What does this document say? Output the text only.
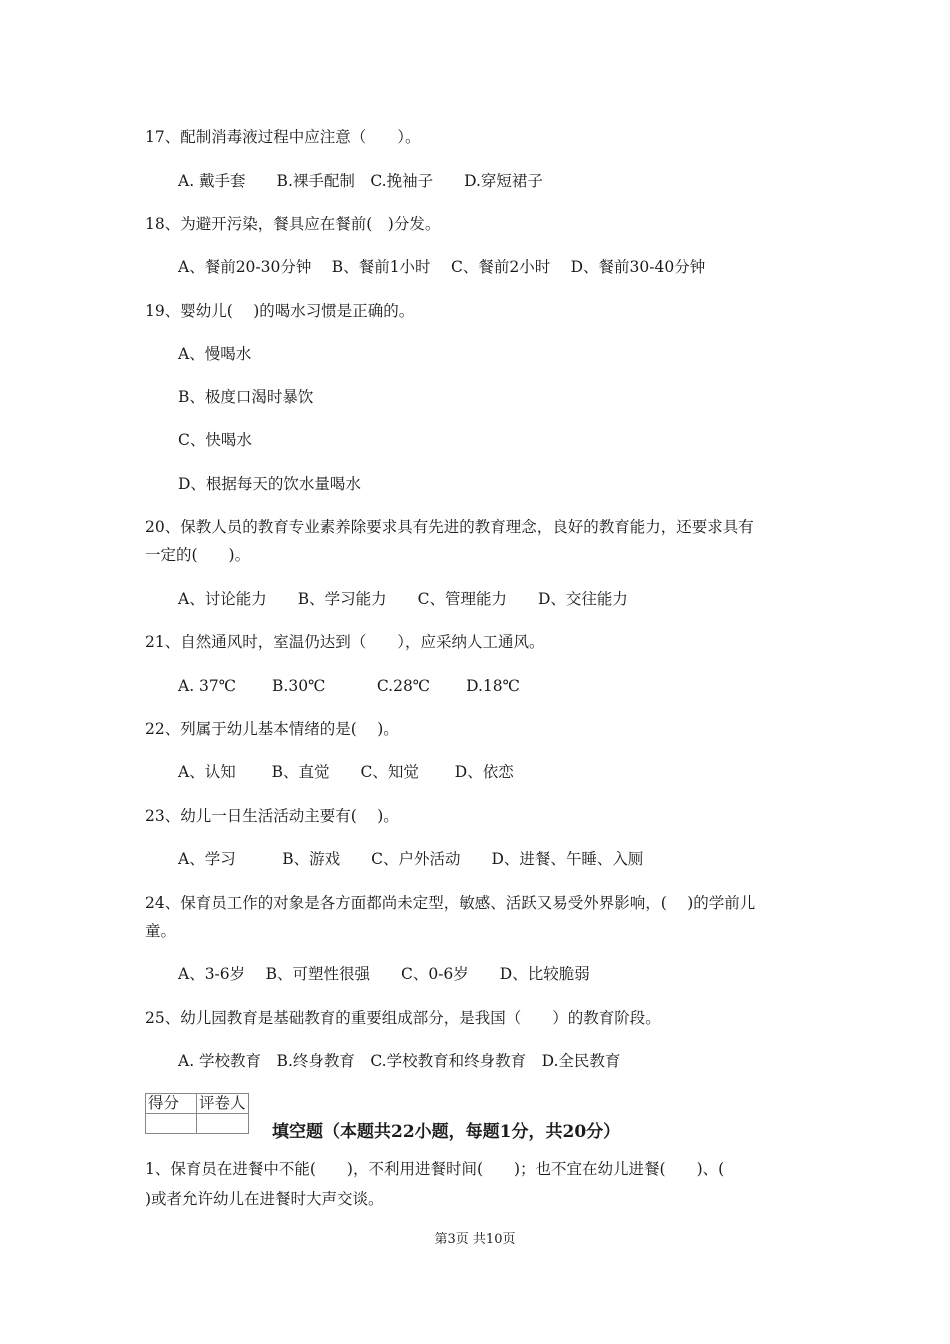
17、配制消毒液过程中应注意（　　）。
A. 戴手套　　B.裸手配制　C.挽袖子　　D.穿短裙子
18、为避开污染，餐具应在餐前(　)分发。
A、餐前20-30分钟　 B、餐前1小时　 C、餐前2小时　 D、餐前30-40分钟
19、婴幼儿(　 )的喝水习惯是正确的。
A、慢喝水
B、极度口渴时暴饮
C、快喝水
D、根据每天的饮水量喝水
20、保教人员的教育专业素养除要求具有先进的教育理念，良好的教育能力，还要求具有
一定的(　　)。
A、讨论能力　　B、学习能力　　C、管理能力　　D、交往能力
21、自然通风时，室温仍达到（　　），应采纳人工通风。
A. 37℃　　 B.30℃　　　 C.28℃　　 D.18℃
22、列属于幼儿基本情绪的是(　 )。
A、认知　　 B、直觉　　C、知觉　　 D、依恋
23、幼儿一日生活活动主要有(　 )。
A、学习　　　B、游戏　　C、户外活动　　D、进餐、午睡、入厕
24、保育员工作的对象是各方面都尚未定型，敏感、活跃又易受外界影响，(　 )的学前儿
童。
A、3-6岁　 B、可塑性很强　　C、0-6岁　　D、比较脆弱
25、幼儿园教育是基础教育的重要组成部分，是我国（　　）的教育阶段。
A. 学校教育　B.终身教育　C.学校教育和终身教育　D.全民教育
得分	评卷人

填空题（本题共22小题，每题1分，共20分）
1、保育员在进餐中不能(　　)，不利用进餐时间(　　)；也不宜在幼儿进餐(　　)、(
)或者允许幼儿在进餐时大声交谈。
第3页 共10页
